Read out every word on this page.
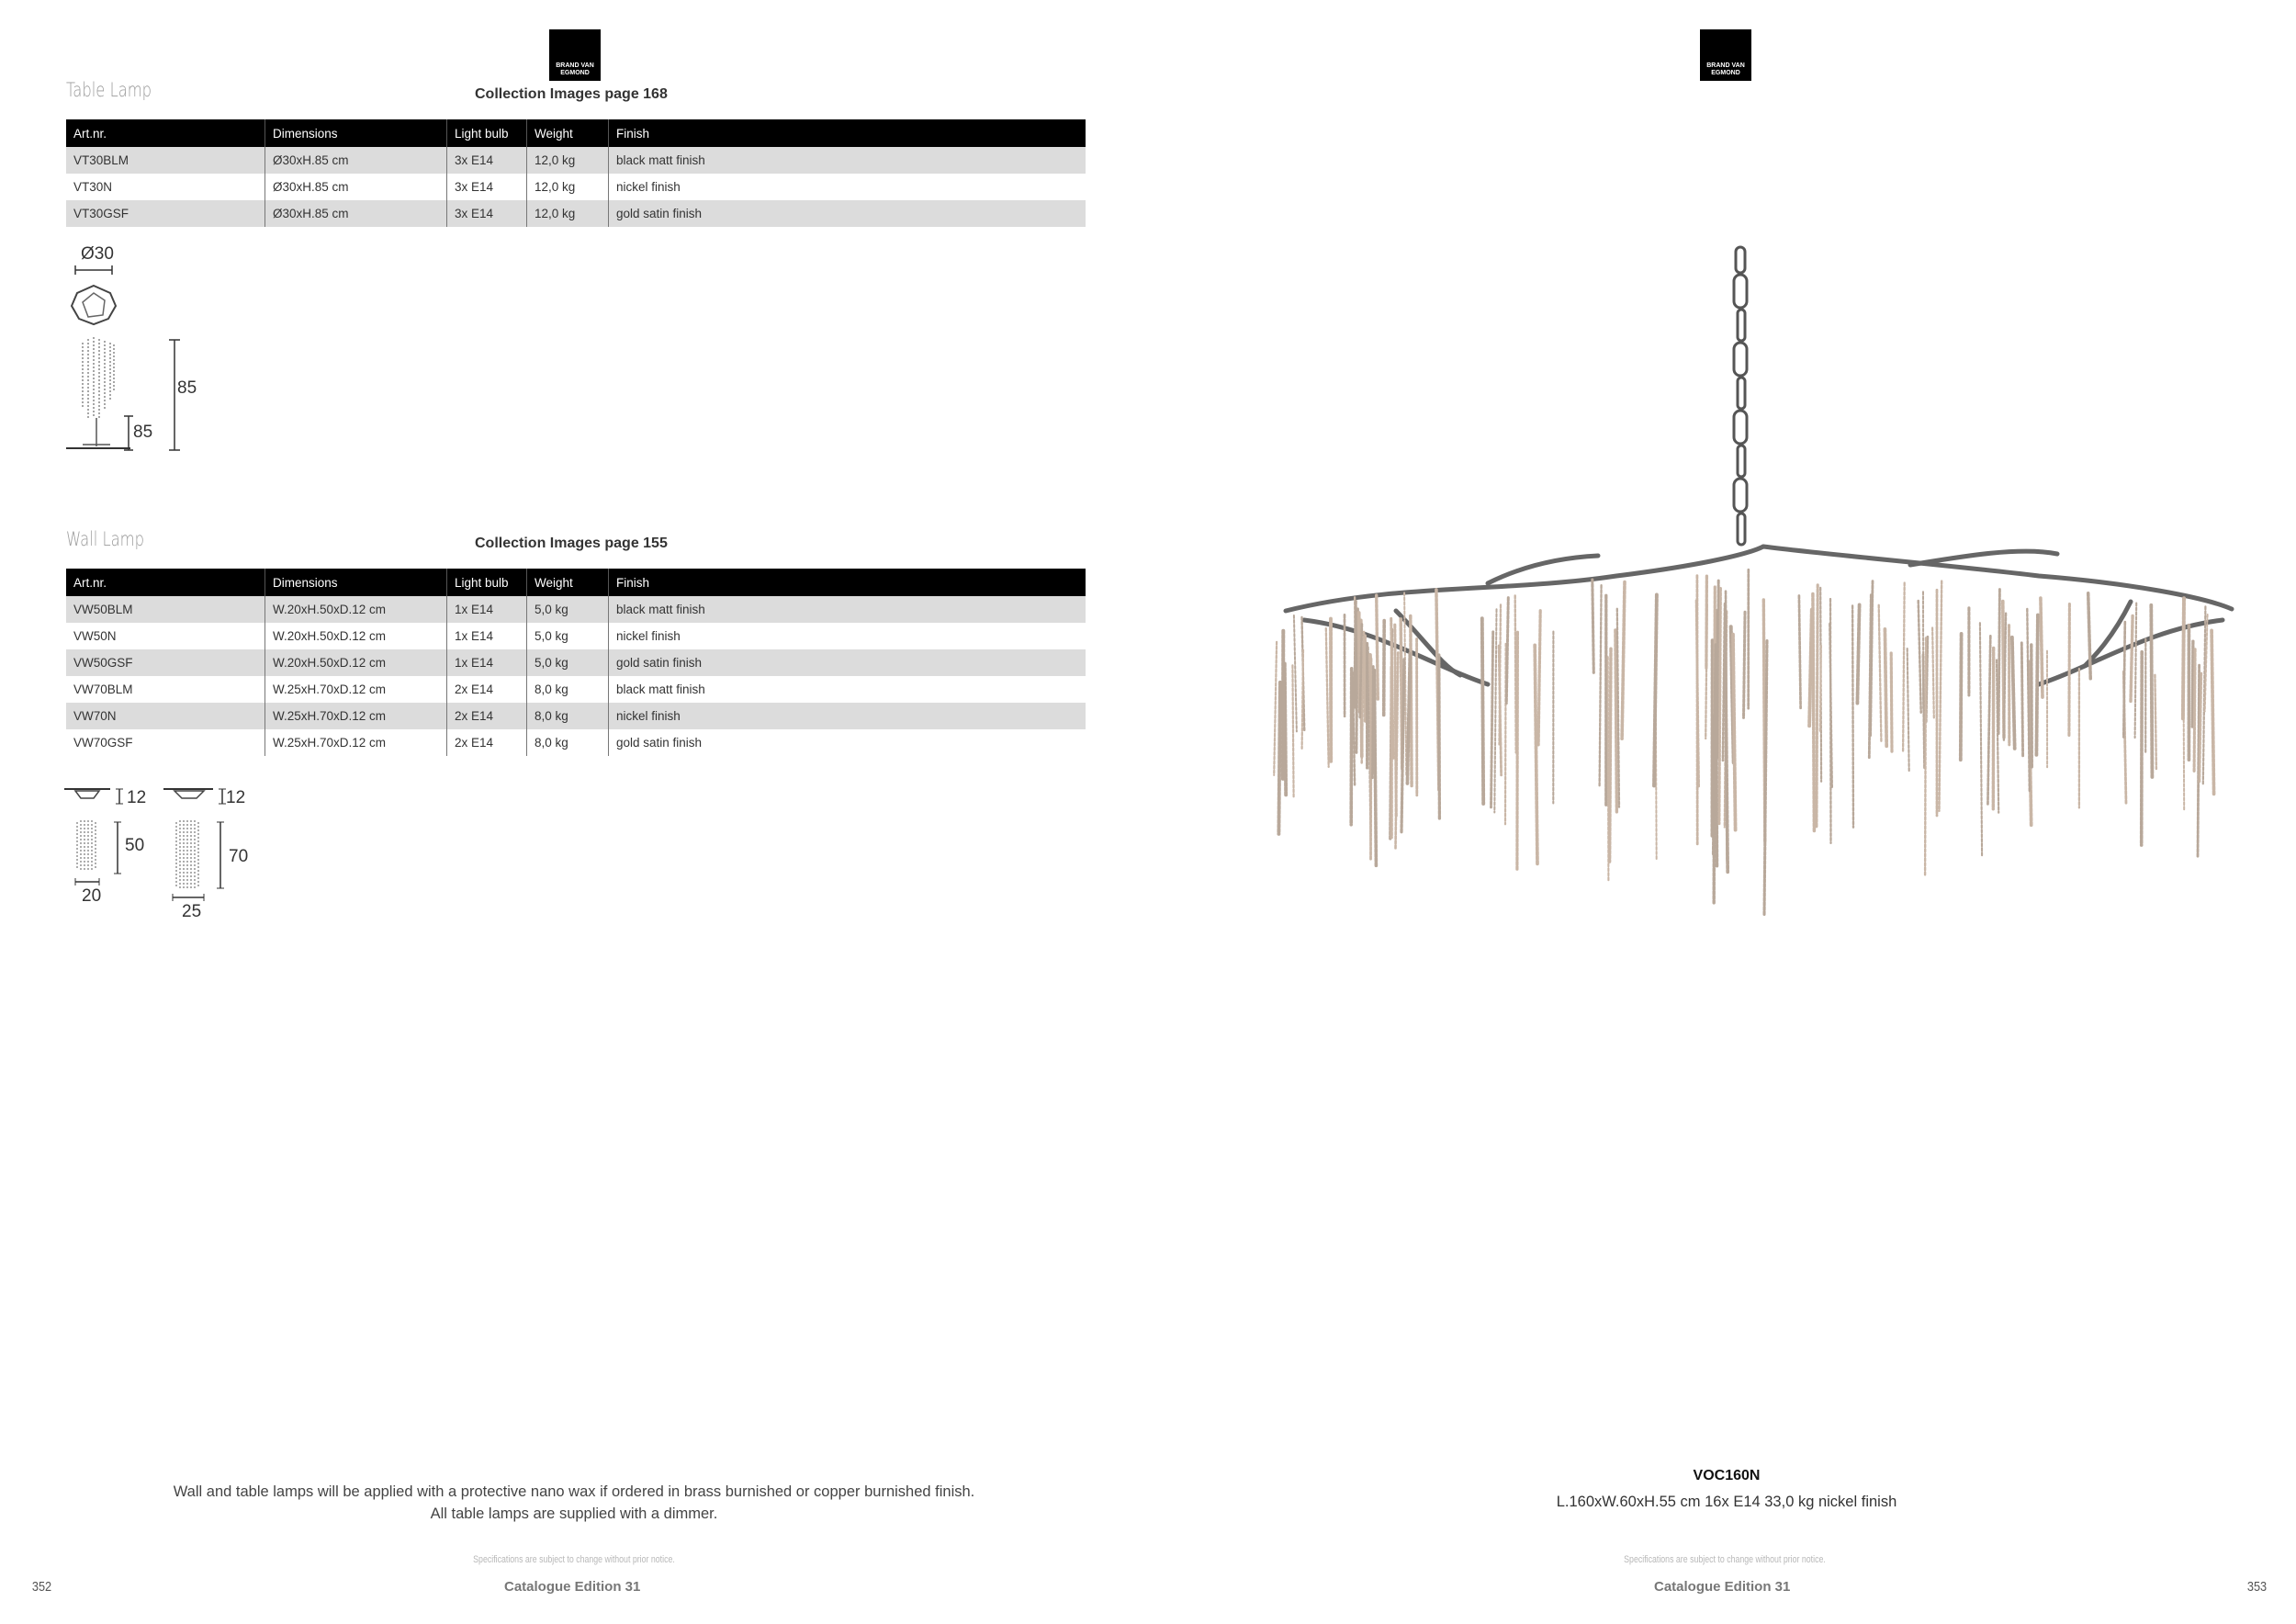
BRAND VAN
EGMOND
Table Lamp	Collection Images page 168
Art.nr.	Dimensions	Light bulb	Weight	Finish
VT30BLM	Ø30xH.85 cm	3x E14	12,0 kg	black matt finish
VT30N	Ø30xH.85 cm	3x E14	12,0 kg	nickel finish
VT30GSF	Ø30xH.85 cm	3x E14	12,0 kg	gold satin finish
Ø30
85
85
Wall Lamp	Collection Images page 155
Art.nr.	Dimensions	Light bulb	Weight	Finish
VW50BLM	W.20xH.50xD.12 cm	1x E14	5,0 kg	black matt finish
VW50N	W.20xH.50xD.12 cm	1x E14	5,0 kg	nickel finish
VW50GSF	W.20xH.50xD.12 cm	1x E14	5,0 kg	gold satin finish
VW70BLM	W.25xH.70xD.12 cm	2x E14	8,0 kg	black matt finish
VW70N	W.25xH.70xD.12 cm	2x E14	8,0 kg	nickel finish
VW70GSF	W.25xH.70xD.12 cm	2x E14	8,0 kg	gold satin finish
12
50
20
12
70
25
Wall and table lamps will be applied with a protective nano wax if ordered in brass burnished or copper burnished finish.
All table lamps are supplied with a dimmer.
Specifications are subject to change without prior notice.
Catalogue Edition 31
352
BRAND VAN
EGMOND
VOC160N
L.160xW.60xH.55 cm 16x E14 33,0 kg nickel finish
Specifications are subject to change without prior notice.
Catalogue Edition 31	353
